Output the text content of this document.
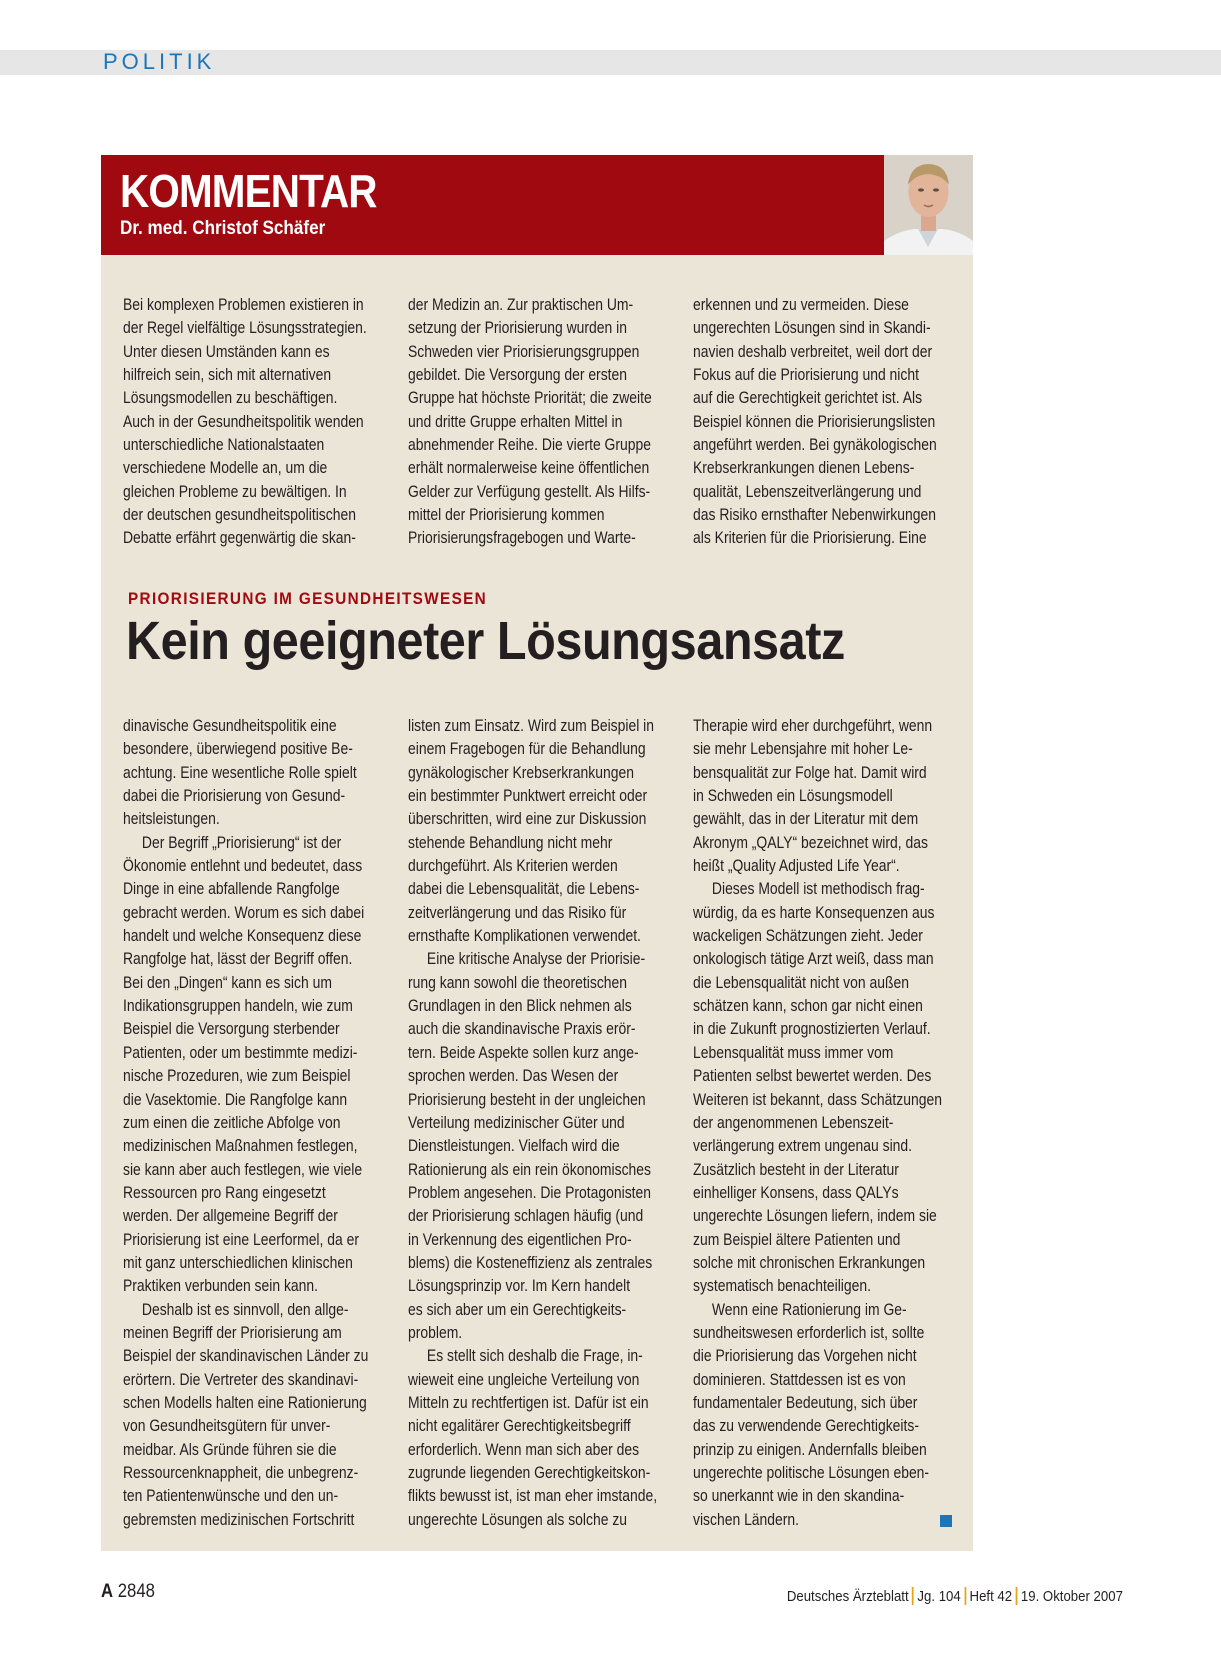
POLITIK
KOMMENTAR
Dr. med. Christof Schäfer

Bei komplexen Problemen existieren in
der Regel vielfältige Lösungsstrategien.
Unter diesen Umständen kann es
hilfreich sein, sich mit alternativen
Lösungsmodellen zu beschäftigen.
Auch in der Gesundheitspolitik wenden
unterschiedliche Nationalstaaten
verschiedene Modelle an, um die
gleichen Probleme zu bewältigen. In
der deutschen gesundheitspolitischen
Debatte erfährt gegenwärtig die skan-

der Medizin an. Zur praktischen Um-
setzung der Priorisierung wurden in
Schweden vier Priorisierungsgruppen
gebildet. Die Versorgung der ersten
Gruppe hat höchste Priorität; die zweite
und dritte Gruppe erhalten Mittel in
abnehmender Reihe. Die vierte Gruppe
erhält normalerweise keine öffentlichen
Gelder zur Verfügung gestellt. Als Hilfs-
mittel der Priorisierung kommen
Priorisierungsfragebogen und Warte-

erkennen und zu vermeiden. Diese
ungerechten Lösungen sind in Skandi-
navien deshalb verbreitet, weil dort der
Fokus auf die Priorisierung und nicht
auf die Gerechtigkeit gerichtet ist. Als
Beispiel können die Priorisierungslisten
angeführt werden. Bei gynäkologischen
Krebserkrankungen dienen Lebens-
qualität, Lebenszeitverlängerung und
das Risiko ernsthafter Nebenwirkungen
als Kriterien für die Priorisierung. Eine

PRIORISIERUNG IM GESUNDHEITSWESEN
Kein geeigneter Lösungsansatz

dinavische Gesundheitspolitik eine
besondere, überwiegend positive Be-
achtung. Eine wesentliche Rolle spielt
dabei die Priorisierung von Gesund-
heitsleistungen.

Der Begriff „Priorisierung“ ist der
Ökonomie entlehnt und bedeutet, dass
Dinge in eine abfallende Rangfolge
gebracht werden. Worum es sich dabei
handelt und welche Konsequenz diese
Rangfolge hat, lässt der Begriff offen.
Bei den „Dingen“ kann es sich um
Indikationsgruppen handeln, wie zum
Beispiel die Versorgung sterbender
Patienten, oder um bestimmte medizi-
nische Prozeduren, wie zum Beispiel
die Vasektomie. Die Rangfolge kann
zum einen die zeitliche Abfolge von
medizinischen Maßnahmen festlegen,
sie kann aber auch festlegen, wie viele
Ressourcen pro Rang eingesetzt
werden. Der allgemeine Begriff der
Priorisierung ist eine Leerformel, da er
mit ganz unterschiedlichen klinischen
Praktiken verbunden sein kann.

Deshalb ist es sinnvoll, den allge-
meinen Begriff der Priorisierung am
Beispiel der skandinavischen Länder zu
erörtern. Die Vertreter des skandinavi-
schen Modells halten eine Rationierung
von Gesundheitsgütern für unver-
meidbar. Als Gründe führen sie die
Ressourcenknappheit, die unbegrenz-
ten Patientenwünsche und den un-
gebremsten medizinischen Fortschritt

listen zum Einsatz. Wird zum Beispiel in
einem Fragebogen für die Behandlung
gynäkologischer Krebserkrankungen
ein bestimmter Punktwert erreicht oder
überschritten, wird eine zur Diskussion
stehende Behandlung nicht mehr
durchgeführt. Als Kriterien werden
dabei die Lebensqualität, die Lebens-
zeitverlängerung und das Risiko für
ernsthafte Komplikationen verwendet.

Eine kritische Analyse der Priorisie-
rung kann sowohl die theoretischen
Grundlagen in den Blick nehmen als
auch die skandinavische Praxis erör-
tern. Beide Aspekte sollen kurz ange-
sprochen werden. Das Wesen der
Priorisierung besteht in der ungleichen
Verteilung medizinischer Güter und
Dienstleistungen. Vielfach wird die
Rationierung als ein rein ökonomisches
Problem angesehen. Die Protagonisten
der Priorisierung schlagen häufig (und
in Verkennung des eigentlichen Pro-
blems) die Kosteneffizienz als zentrales
Lösungsprinzip vor. Im Kern handelt
es sich aber um ein Gerechtigkeits-
problem.

Es stellt sich deshalb die Frage, in-
wieweit eine ungleiche Verteilung von
Mitteln zu rechtfertigen ist. Dafür ist ein
nicht egalitärer Gerechtigkeitsbegriff
erforderlich. Wenn man sich aber des
zugrunde liegenden Gerechtigkeitskon-
flikts bewusst ist, ist man eher imstande,
ungerechte Lösungen als solche zu

Therapie wird eher durchgeführt, wenn
sie mehr Lebensjahre mit hoher Le-
bensqualität zur Folge hat. Damit wird
in Schweden ein Lösungsmodell
gewählt, das in der Literatur mit dem
Akronym „QALY“ bezeichnet wird, das
heißt „Quality Adjusted Life Year“.

Dieses Modell ist methodisch frag-
würdig, da es harte Konsequenzen aus
wackeligen Schätzungen zieht. Jeder
onkologisch tätige Arzt weiß, dass man
die Lebensqualität nicht von außen
schätzen kann, schon gar nicht einen
in die Zukunft prognostizierten Verlauf.
Lebensqualität muss immer vom
Patienten selbst bewertet werden. Des
Weiteren ist bekannt, dass Schätzungen
der angenommenen Lebenszeit-
verlängerung extrem ungenau sind.
Zusätzlich besteht in der Literatur
einhelliger Konsens, dass QALYs
ungerechte Lösungen liefern, indem sie
zum Beispiel ältere Patienten und
solche mit chronischen Erkrankungen
systematisch benachteiligen.

Wenn eine Rationierung im Ge-
sundheitswesen erforderlich ist, sollte
die Priorisierung das Vorgehen nicht
dominieren. Stattdessen ist es von
fundamentaler Bedeutung, sich über
das zu verwendende Gerechtigkeits-
prinzip zu einigen. Andernfalls bleiben
ungerechte politische Lösungen eben-
so unerkannt wie in den skandina-
vischen Ländern.

A 2848	Deutsches Ärzteblatt Jg. 104 Heft 42 19. Oktober 2007
